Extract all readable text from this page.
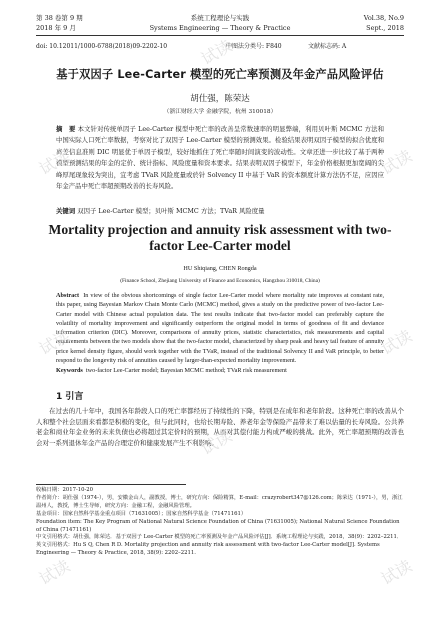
第 38 卷第 9 期	系统工程理论与实践	Vol.38, No.9
2018 年 9 月	Systems Engineering — Theory & Practice	Sept., 2018
doi: 10.12011/1000-6788(2018)09-2202-10	中图法分类号: F840	文献标志码: A
基于双因子 Lee-Carter 模型的死亡率预测及年金产品风险评估
胡仕强，陈荣达
（浙江财经大学 金融学院，杭州 310018）
摘　要 本文针对传统单因子 Lee-Carter 模型中死亡率的改善呈常数速率的明显弊端，利用贝叶斯 MCMC 方法和中国实际人口死亡率数据，考察对比了双因子 Lee-Carter 模型的预测效果。检验结果表明双因子模型的拟合优度和离差信息准则 DIC 明显优于单因子模型，较好地抓住了死亡率随时间演变的波动性。文章还进一步比较了基于两种模型预测结果的年金的定价、统计指标、风险度量和资本要求。结果表明双因子模型下，年金价格根据更加宽阔的尖峰厚尾现象较为突出，宜考虑 TVaR 风险度量或於针 Solvency II 中基于 VaR 的资本额度计算方法仍不足，应因应年金产品中死亡率超预期改善的长寿风险。
关键词 双因子 Lee-Carter 模型；贝叶斯 MCMC 方法；TVaR 风险度量
Mortality projection and annuity risk assessment with two-factor Lee-Carter model
HU Shiqiang, CHEN Rongda
(Finance School, Zhejiang University of Finance and Economics, Hangzhou 310018, China)
Abstract In view of the obvious shortcomings of single factor Lee-Carter model where mortality rate improves at constant rate, this paper, using Bayesian Markov Chain Monte Carlo (MCMC) method, gives a study on the predictive power of two-factor Lee-Carter model with Chinese actual population data. The test results indicate that two-factor model can preferably capture the volatility of mortality improvement and significantly outperform the original model in terms of goodness of fit and deviance information criterion (DIC). Moreover, comparisons of annuity prices, statistic characteristics, risk measurements and capital requirements between the two models show that the two-factor model, characterized by sharp peak and heavy tail feature of annuity price kernel density figure, should work together with the TVaR, instead of the traditional Solvency II and VaR principle, to better respond to the longevity risk of annuities caused by larger-than-expected mortality improvement.
Keywords two-factor Lee-Carter model; Bayesian MCMC method; TVaR risk measurement
1 引言
在过去的几十年中，我国各年龄段人口的死亡率都经历了持续性的下降，特别是在成年和老年阶段。这种死亡率的改善从个人和整个社会层面来看都是积极的变化，但与此同时，也给长期寿险、养老年金等保险产品带来了难以估量的长寿风险。公共养老金和商业年金业务的未来负债也必将超过其定价时的预期，从而对其偿付能力构成严峻的挑战。此外，死亡率超预期的改善也会对一系列退休年金产品的合理定价和健康发展产生不利影响。

收稿日期：2017-10-20

作者简介：胡仕强（1974-），男，安徽金山人，副教授，博士，研究方向：保险精算，E-mail：crazyrobert347@126.com；陈荣达（1971-），男，浙江温州人，教授，博士生导师，研究方向：金融工程，金融风险管理。

基金项目：国家自然科学基金重点项目（71631005）；国家自然科学基金（71471161）

Foundation item: The Key Program of National Natural Science Foundation of China (71631005); National Natural Science Foundation of China (71471161)

中文引用格式：胡仕强，陈荣达．基于双因子 Lee-Carter 模型的死亡率预测及年金产品风险评估[J]．系统工程理论与实践，2018，38(9)：2202–2211．

英文引用格式：Hu S Q, Chen R D. Mortality projection and annuity risk assessment with two-factor Lee-Carter model[J]. Systems Engineering — Theory & Practice, 2018, 38(9): 2202–2211.

试读	试读
试读
试读	试读
试读
试读	试读
